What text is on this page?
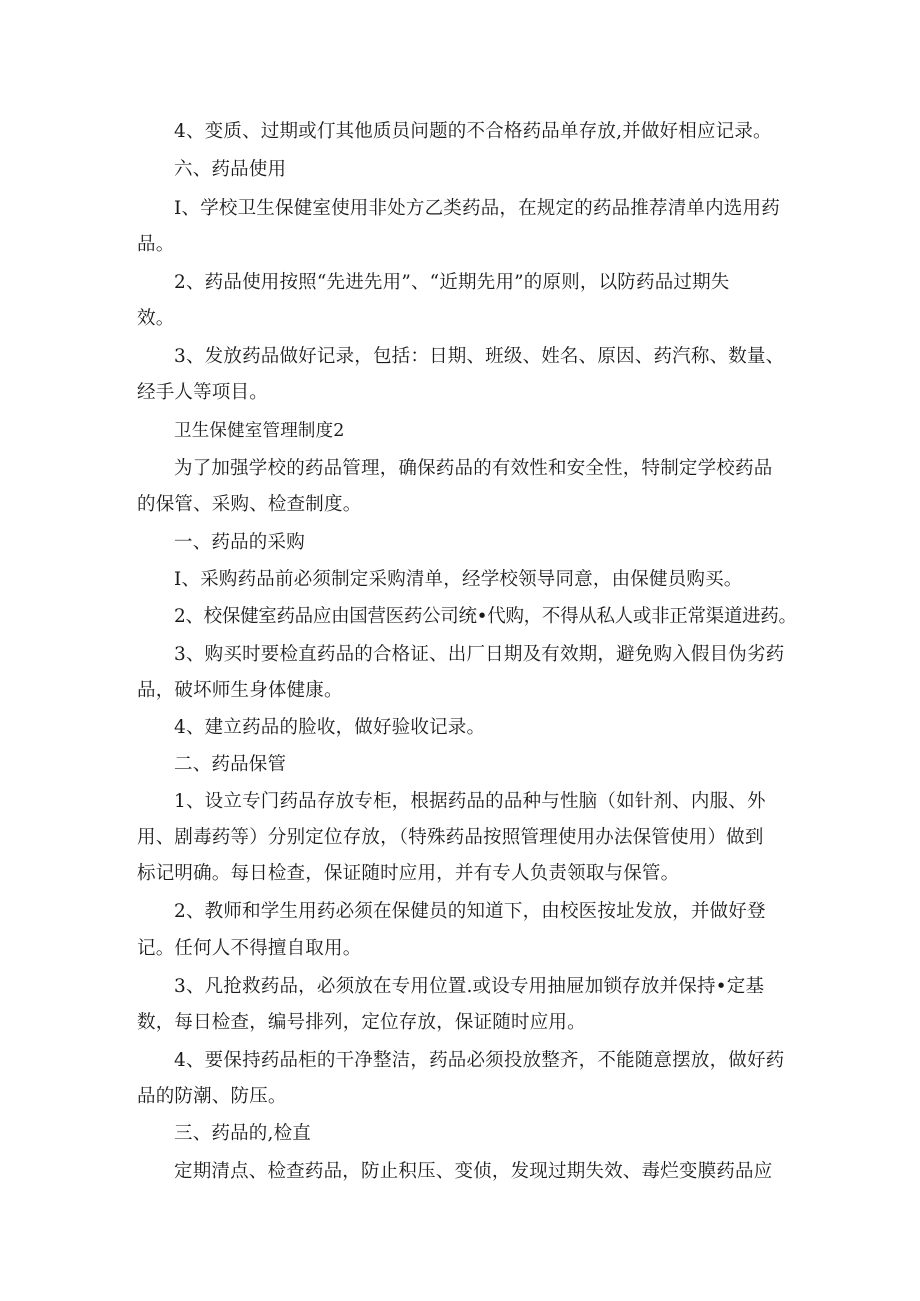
4、变质、过期或仃其他质员问题的不合格药品单存放,并做好相应记录。
六、药品使用
I、学校卫生保健室使用非处方乙类药品，在规定的药品推荐清单内选用药
品。
2、药品使用按照“先进先用”、“近期先用”的原则，以防药品过期失
效。
3、发放药品做好记录，包括：日期、班级、姓名、原因、药汽称、数量、
经手人等项目。
卫生保健室管理制度2
为了加强学校的药品管理，确保药品的有效性和安全性，特制定学校药品
的保管、采购、检查制度。
一、药品的采购
I、采购药品前必须制定采购清单，经学校领导同意，由保健员购买。
2、校保健室药品应由国营医药公司统•代购，不得从私人或非正常渠道进药。
3、购买时要检直药品的合格证、出厂日期及有效期，避免购入假目伪劣药
品，破坏师生身体健康。
4、建立药品的脸收，做好验收记录。
二、药品保管
1、设立专门药品存放专柜，根据药品的品种与性脑（如针剂、内服、外
用、剧毒药等）分别定位存放，（特殊药品按照管理使用办法保管使用）做到
标记明确。每日检查，保证随时应用，并有专人负责领取与保管。
2、教师和学生用药必须在保健员的知道下，由校医按址发放，并做好登
记。任何人不得擅自取用。
3、凡抢救药品，必须放在专用位置.或设专用抽屉加锁存放并保持•定基
数，每日检查，编号排列，定位存放，保证随时应用。
4、要保持药品柜的干净整洁，药品必须投放整齐，不能随意摆放，做好药
品的防潮、防压。
三、药品的,检直
定期清点、检查药品，防止积压、变侦，发现过期失效、毒烂变膜药品应
